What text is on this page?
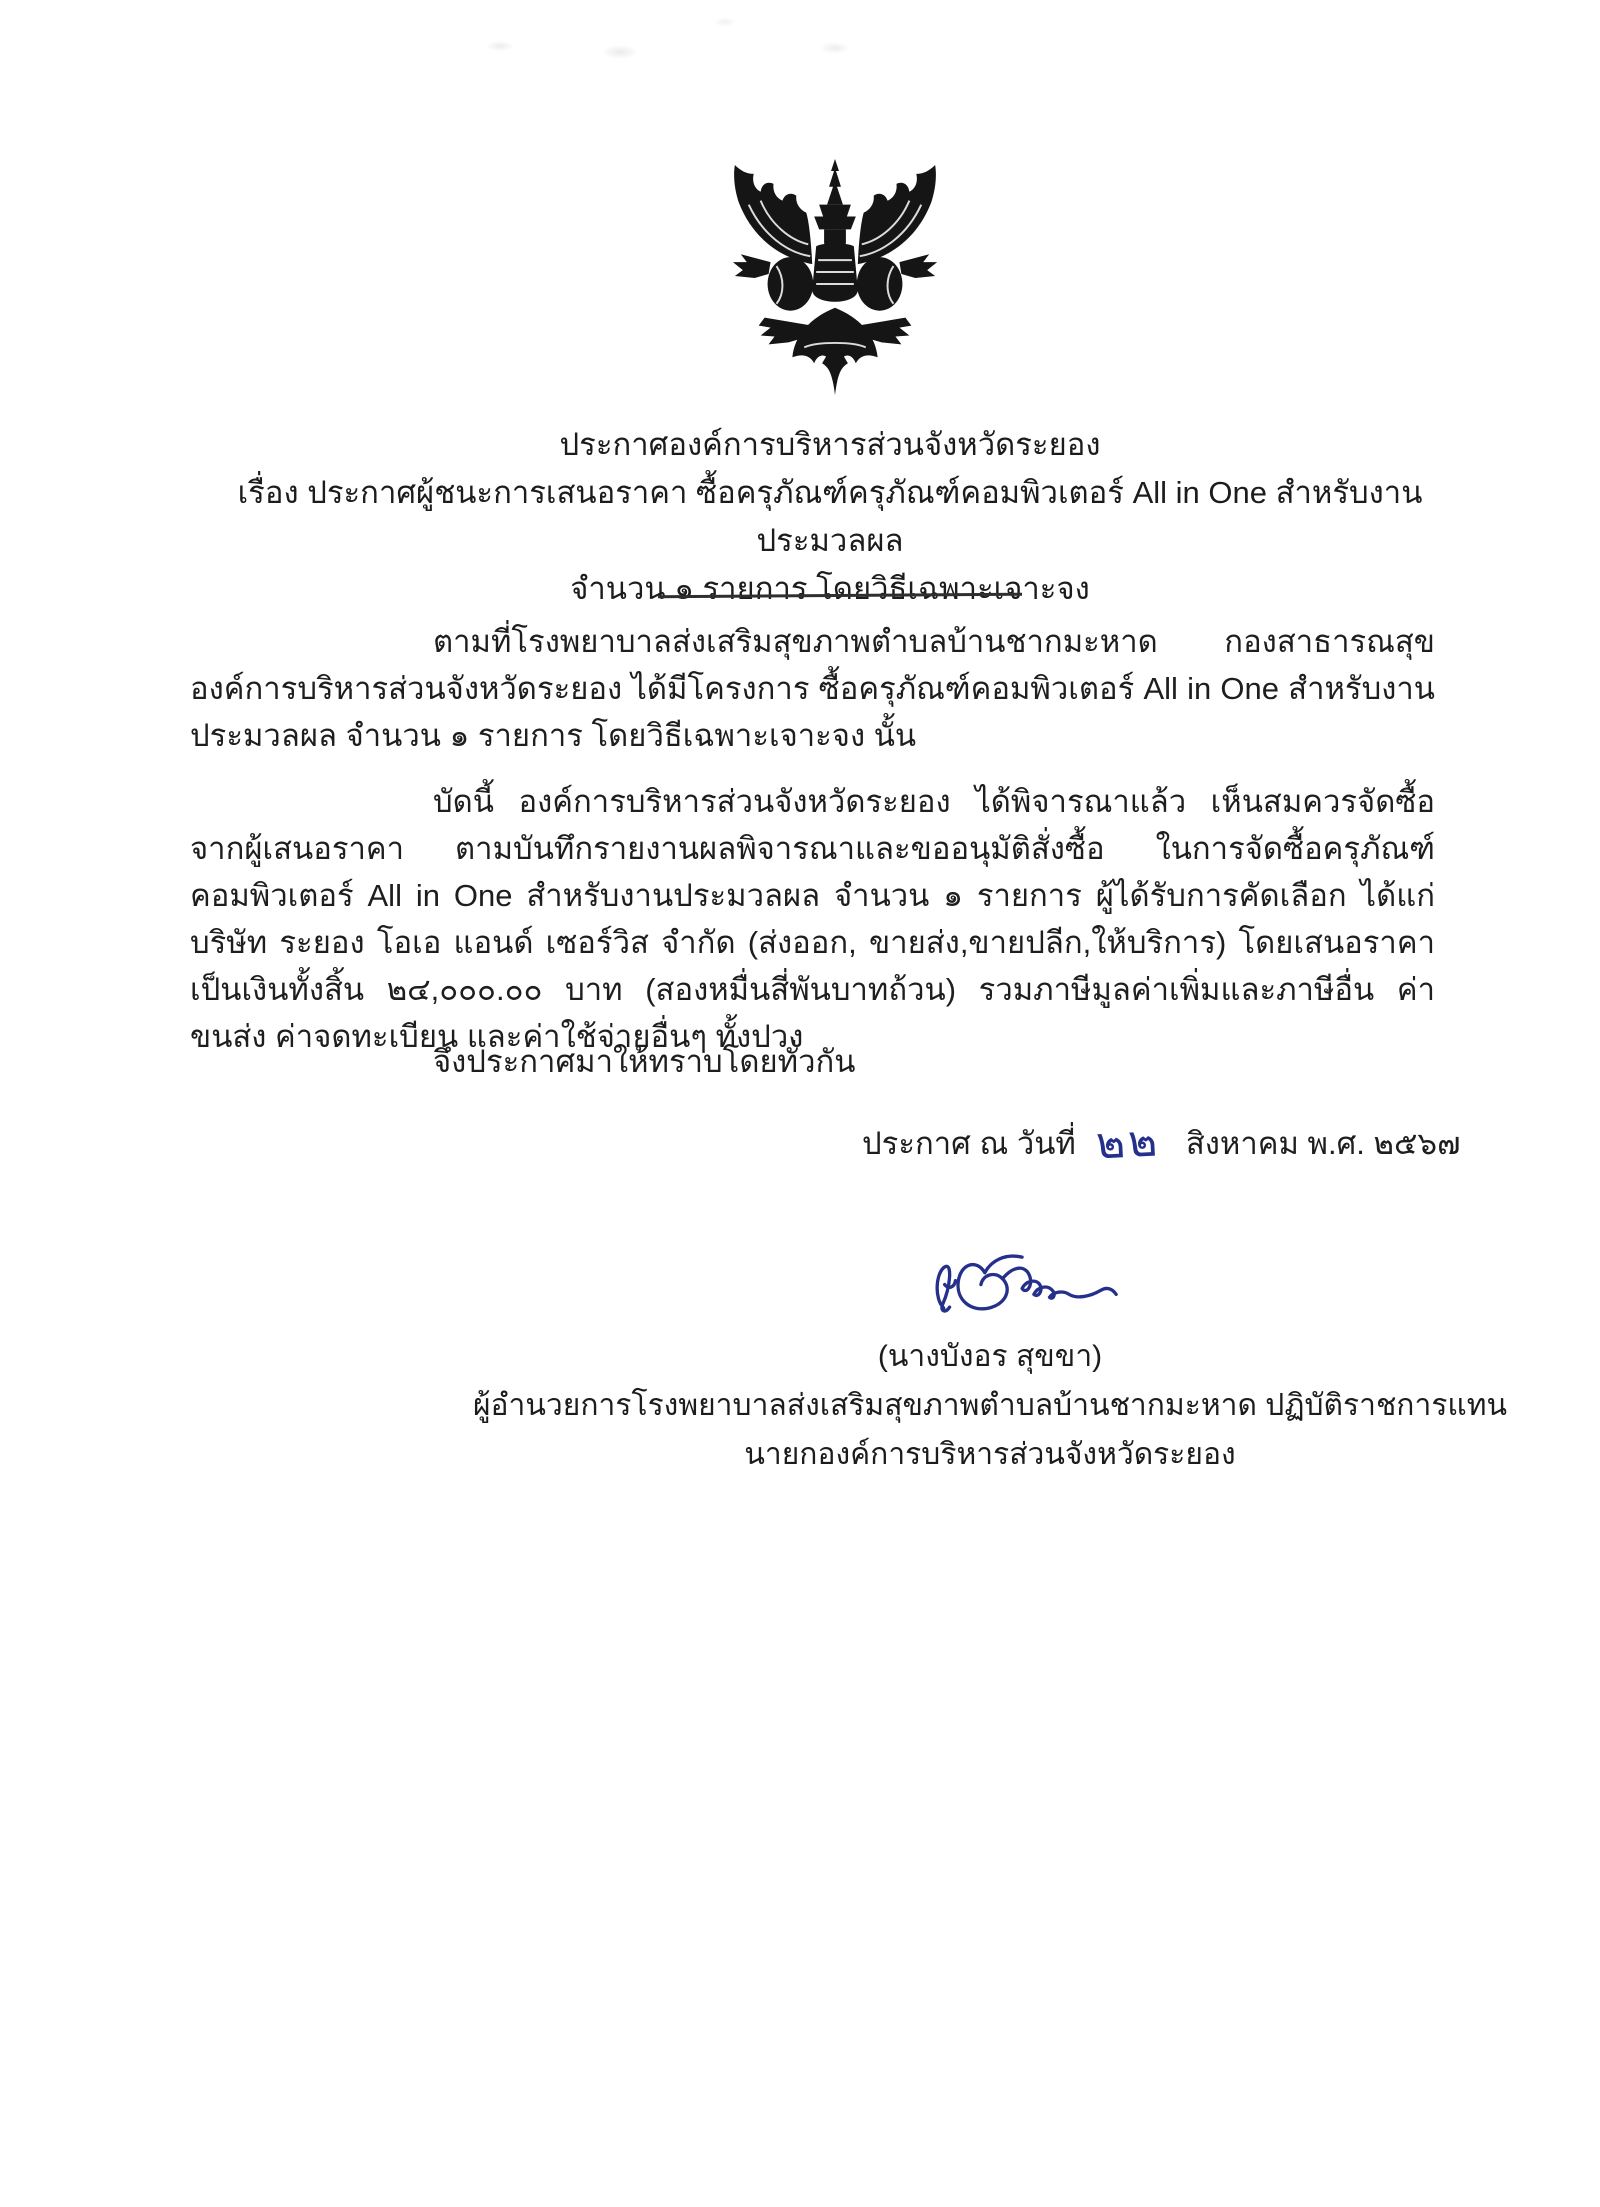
ประกาศองค์การบริหารส่วนจังหวัดระยอง
เรื่อง ประกาศผู้ชนะการเสนอราคา ซื้อครุภัณฑ์ครุภัณฑ์คอมพิวเตอร์ All in One สำหรับงานประมวลผล
จำนวน ๑ รายการ โดยวิธีเฉพาะเจาะจง

ตามที่โรงพยาบาลส่งเสริมสุขภาพตำบลบ้านชากมะหาด กองสาธารณสุข องค์การบริหารส่วนจังหวัดระยอง ได้มีโครงการ ซื้อครุภัณฑ์คอมพิวเตอร์ All in One สำหรับงานประมวลผล จำนวน ๑ รายการ โดยวิธีเฉพาะเจาะจง นั้น

บัดนี้ องค์การบริหารส่วนจังหวัดระยอง ได้พิจารณาแล้ว เห็นสมควรจัดซื้อจากผู้เสนอราคา ตามบันทึกรายงานผลพิจารณาและขออนุมัติสั่งซื้อ ในการจัดซื้อครุภัณฑ์คอมพิวเตอร์ All in One สำหรับงานประมวลผล จำนวน ๑ รายการ ผู้ได้รับการคัดเลือก ได้แก่ บริษัท ระยอง โอเอ แอนด์ เซอร์วิส จำกัด (ส่งออก, ขายส่ง,ขายปลีก,ให้บริการ) โดยเสนอราคา เป็นเงินทั้งสิ้น ๒๔,๐๐๐.๐๐ บาท (สองหมื่นสี่พันบาทถ้วน) รวมภาษีมูลค่าเพิ่มและภาษีอื่น ค่าขนส่ง ค่าจดทะเบียน และค่าใช้จ่ายอื่นๆ ทั้งปวง

จึงประกาศมาให้ทราบโดยทั่วกัน
ประกาศ ณ วันที่ ๒๒ สิงหาคม พ.ศ. ๒๕๖๗
(นางบังอร สุขขา)
ผู้อำนวยการโรงพยาบาลส่งเสริมสุขภาพตำบลบ้านชากมะหาด ปฏิบัติราชการแทน
นายกองค์การบริหารส่วนจังหวัดระยอง
